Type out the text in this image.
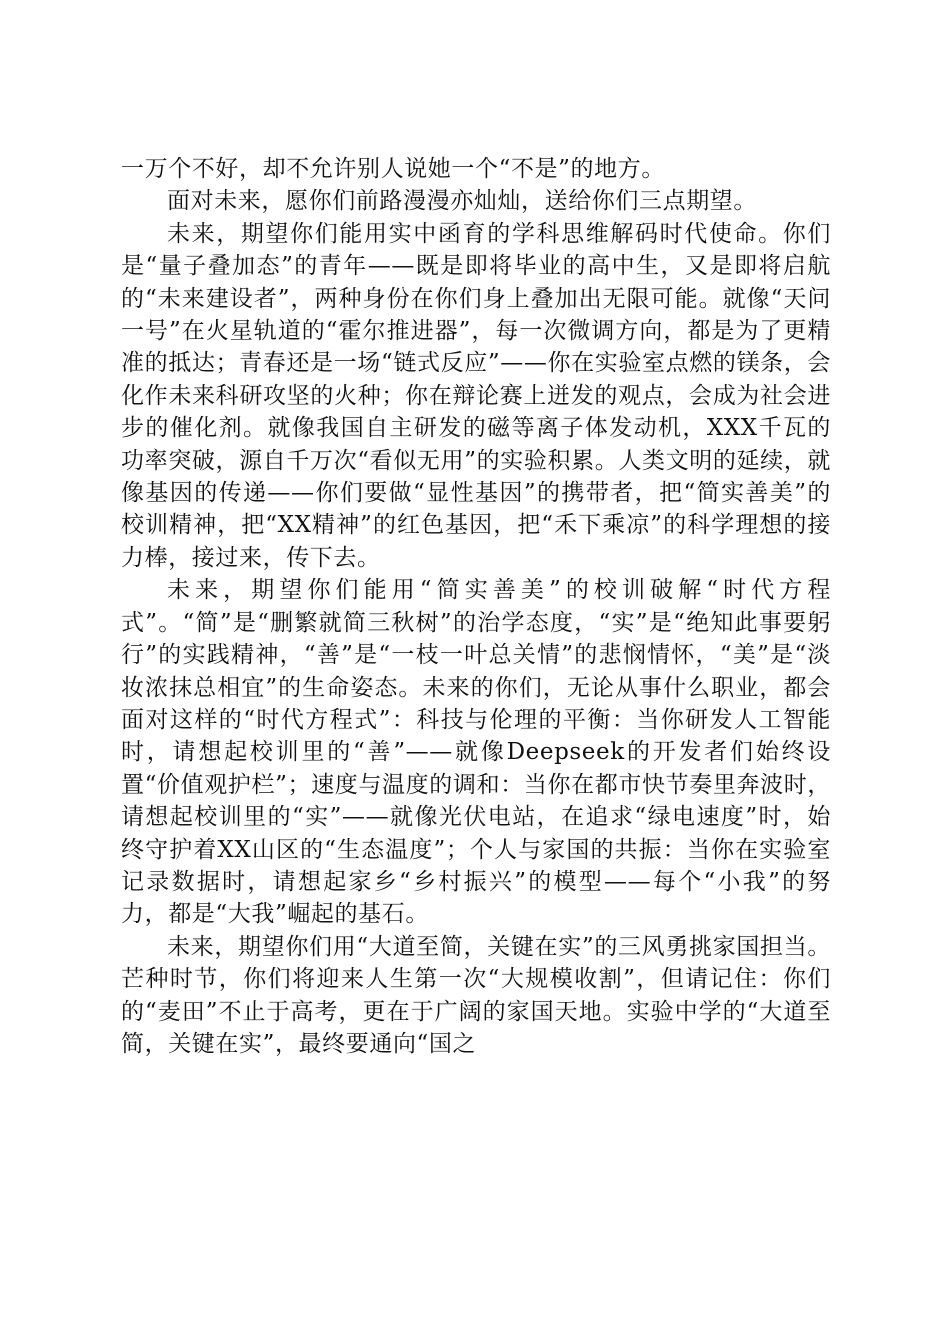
一万个不好，却不允许别人说她一个“不是”的地方。

面对未来，愿你们前路漫漫亦灿灿，送给你们三点期望。

未来，期望你们能用实中函育的学科思维解码时代使命。你们是“量子叠加态”的青年——既是即将毕业的高中生，又是即将启航的“未来建设者”，两种身份在你们身上叠加出无限可能。就像“天问一号”在火星轨道的“霍尔推进器”，每一次微调方向，都是为了更精准的抵达；青春还是一场“链式反应”——你在实验室点燃的镁条，会化作未来科研攻坚的火种；你在辩论赛上迸发的观点，会成为社会进步的催化剂。就像我国自主研发的磁等离子体发动机，XXX千瓦的功率突破，源自千万次“看似无用”的实验积累。人类文明的延续，就像基因的传递——你们要做“显性基因”的携带者，把“简实善美”的校训精神，把“XX精神”的红色基因，把“禾下乘凉”的科学理想的接力棒，接过来，传下去。

未来，期望你们能用“简实善美”的校训破解“时代方程式”。“简”是“删繁就简三秋树”的治学态度，“实”是“绝知此事要躬行”的实践精神，“善”是“一枝一叶总关情”的悲悯情怀，“美”是“淡妆浓抹总相宜”的生命姿态。未来的你们，无论从事什么职业，都会面对这样的“时代方程式”：科技与伦理的平衡：当你研发人工智能时，请想起校训里的“善”——就像Deepseek的开发者们始终设置“价值观护栏”；速度与温度的调和：当你在都市快节奏里奔波时，请想起校训里的“实”——就像光伏电站，在追求“绿电速度”时，始终守护着XX山区的“生态温度”；个人与家国的共振：当你在实验室记录数据时，请想起家乡“乡村振兴”的模型——每个“小我”的努力，都是“大我”崛起的基石。

未来，期望你们用“大道至简，关键在实”的三风勇挑家国担当。芒种时节，你们将迎来人生第一次“大规模收割”，但请记住：你们的“麦田”不止于高考，更在于广阔的家国天地。实验中学的“大道至简，关键在实”，最终要通向“国之
